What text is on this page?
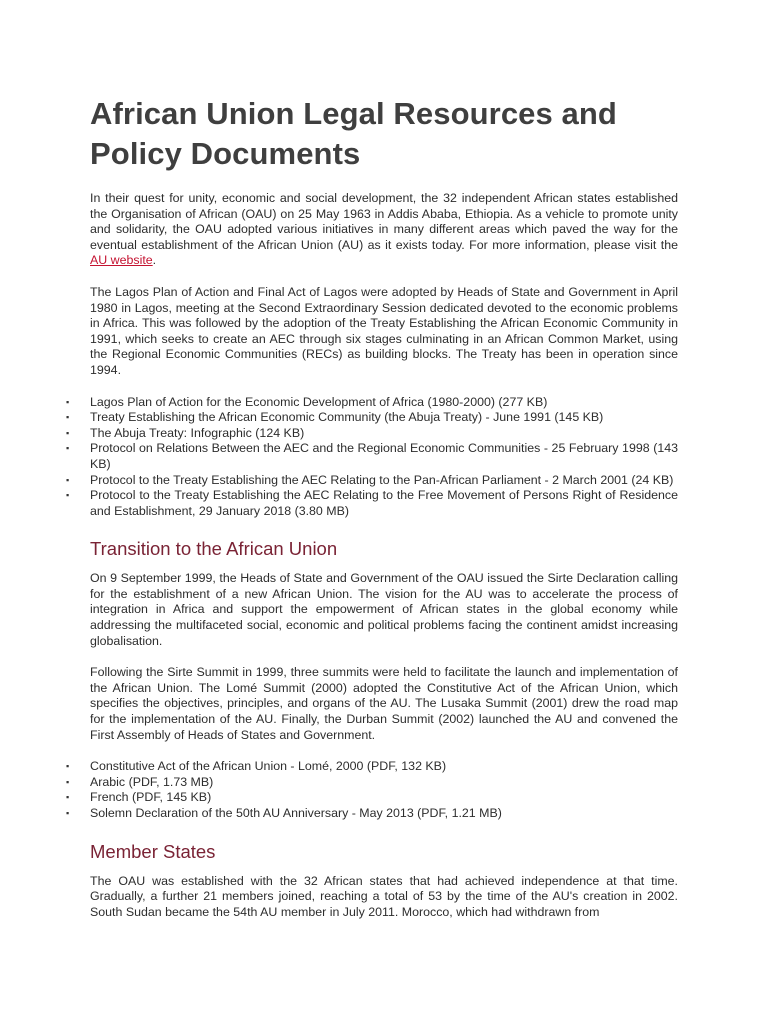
African Union Legal Resources and Policy Documents

In their quest for unity, economic and social development, the 32 independent African states established the Organisation of African (OAU) on 25 May 1963 in Addis Ababa, Ethiopia. As a vehicle to promote unity and solidarity, the OAU adopted various initiatives in many different areas which paved the way for the eventual establishment of the African Union (AU) as it exists today. For more information, please visit the AU website.

The Lagos Plan of Action and Final Act of Lagos were adopted by Heads of State and Government in April 1980 in Lagos, meeting at the Second Extraordinary Session dedicated devoted to the economic problems in Africa. This was followed by the adoption of the Treaty Establishing the African Economic Community in 1991, which seeks to create an AEC through six stages culminating in an African Common Market, using the Regional Economic Communities (RECs) as building blocks. The Treaty has been in operation since 1994.

▪ Lagos Plan of Action for the Economic Development of Africa (1980-2000) (277 KB)
▪ Treaty Establishing the African Economic Community (the Abuja Treaty) - June 1991 (145 KB)
▪ The Abuja Treaty: Infographic (124 KB)
▪ Protocol on Relations Between the AEC and the Regional Economic Communities - 25 February 1998 (143 KB)
▪ Protocol to the Treaty Establishing the AEC Relating to the Pan-African Parliament - 2 March 2001 (24 KB)
▪ Protocol to the Treaty Establishing the AEC Relating to the Free Movement of Persons Right of Residence and Establishment, 29 January 2018 (3.80 MB)
Transition to the African Union

On 9 September 1999, the Heads of State and Government of the OAU issued the Sirte Declaration calling for the establishment of a new African Union. The vision for the AU was to accelerate the process of integration in Africa and support the empowerment of African states in the global economy while addressing the multifaceted social, economic and political problems facing the continent amidst increasing globalisation.

Following the Sirte Summit in 1999, three summits were held to facilitate the launch and implementation of the African Union. The Lomé Summit (2000) adopted the Constitutive Act of the African Union, which specifies the objectives, principles, and organs of the AU. The Lusaka Summit (2001) drew the road map for the implementation of the AU. Finally, the Durban Summit (2002) launched the AU and convened the First Assembly of Heads of States and Government.

▪ Constitutive Act of the African Union - Lomé, 2000 (PDF, 132 KB)
▪ Arabic (PDF, 1.73 MB)
▪ French (PDF, 145 KB)
▪ Solemn Declaration of the 50th AU Anniversary - May 2013 (PDF, 1.21 MB)
Member States

The OAU was established with the 32 African states that had achieved independence at that time. Gradually, a further 21 members joined, reaching a total of 53 by the time of the AU's creation in 2002. South Sudan became the 54th AU member in July 2011. Morocco, which had withdrawn from
